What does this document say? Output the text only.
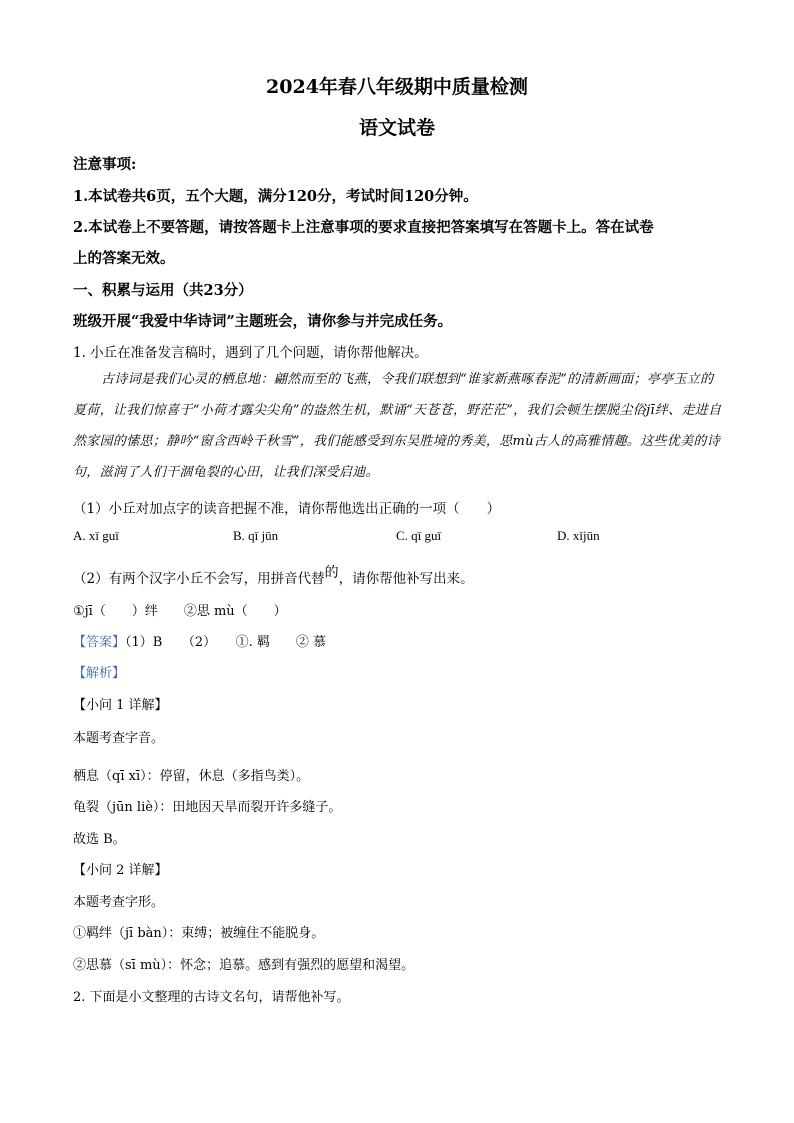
2024年春八年级期中质量检测
语文试卷
注意事项:
1.本试卷共6页，五个大题，满分120分，考试时间120分钟。
2.本试卷上不要答题，请按答题卡上注意事项的要求直接把答案填写在答题卡上。答在试卷
上的答案无效。
一、积累与运用（共23分）
班级开展“我爱中华诗词”主题班会，请你参与并完成任务。
1. 小丘在准备发言稿时，遇到了几个问题，请你帮他解决。
古诗词是我们心灵的栖息地：翩然而至的飞燕，令我们联想到“谁家新燕啄春泥”的清新画面；亭亭玉立的夏荷，让我们惊喜于“小荷才露尖尖角”的盎然生机，默诵“天苍苍，野茫茫”，我们会顿生摆脱尘俗jī绊、走进自然家园的愫思；静吟“窗含西岭千秋雪”，我们能感受到东吴胜境的秀美，思mù古人的高雅情趣。这些优美的诗句，滋润了人们干涸龟裂的心田，让我们深受启迪。
（1）小丘对加点字的读音把握不准，请你帮他选出正确的一项（　　）
A. xī guī	B. qī jūn	C. qī guī	D. xījūn
（2）有两个汉字小丘不会写，用拼音代替的，请你帮他补写出来。
①jī（　　）绊　　②思 mù（　　）
【答案】（1）B　　（2）　　①. 羁　　② 慕
【解析】
【小问 1 详解】
本题考查字音。
栖息（qī xī）：停留，休息（多指鸟类）。
龟裂（jūn liè）：田地因天旱而裂开许多缝子。
故选 B。
【小问 2 详解】
本题考查字形。
①羁绊（jī bàn）：束缚；被缠住不能脱身。
②思慕（sī mù）：怀念；追慕。感到有强烈的愿望和渴望。
2. 下面是小文整理的古诗文名句，请帮他补写。
